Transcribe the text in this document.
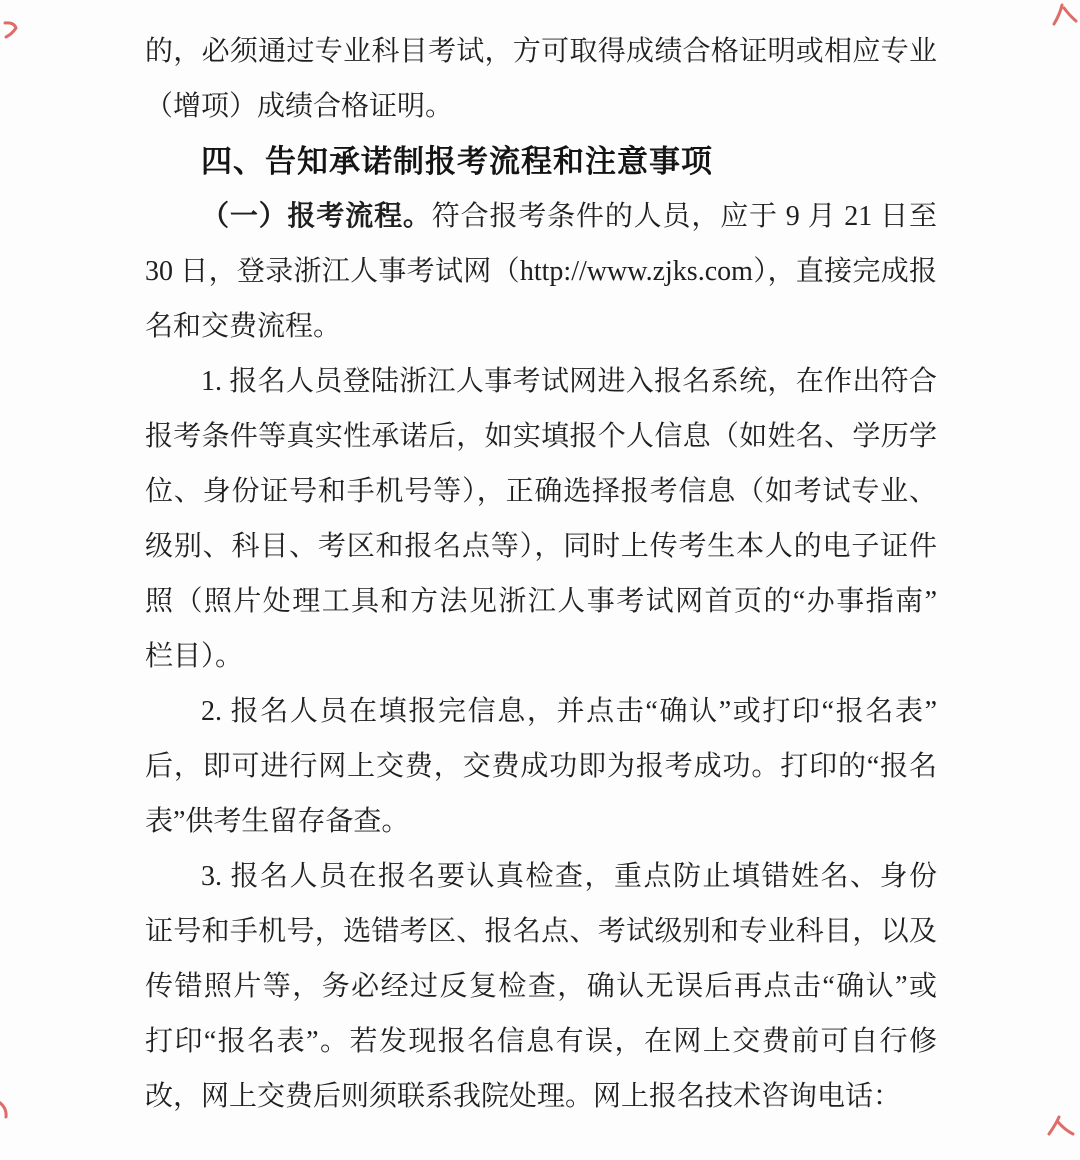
的，必须通过专业科目考试，方可取得成绩合格证明或相应专业
（增项）成绩合格证明。
四、告知承诺制报考流程和注意事项
（一）报考流程。符合报考条件的人员，应于 9 月 21 日至
30 日，登录浙江人事考试网（http://www.zjks.com），直接完成报
名和交费流程。
1. 报名人员登陆浙江人事考试网进入报名系统，在作出符合
报考条件等真实性承诺后，如实填报个人信息（如姓名、学历学
位、身份证号和手机号等），正确选择报考信息（如考试专业、
级别、科目、考区和报名点等），同时上传考生本人的电子证件
照（照片处理工具和方法见浙江人事考试网首页的“办事指南”
栏目）。
2. 报名人员在填报完信息，并点击“确认”或打印“报名表”
后，即可进行网上交费，交费成功即为报考成功。打印的“报名
表”供考生留存备查。
3. 报名人员在报名要认真检查，重点防止填错姓名、身份
证号和手机号，选错考区、报名点、考试级别和专业科目，以及
传错照片等，务必经过反复检查，确认无误后再点击“确认”或
打印“报名表”。若发现报名信息有误，在网上交费前可自行修
改，网上交费后则须联系我院处理。网上报名技术咨询电话：
